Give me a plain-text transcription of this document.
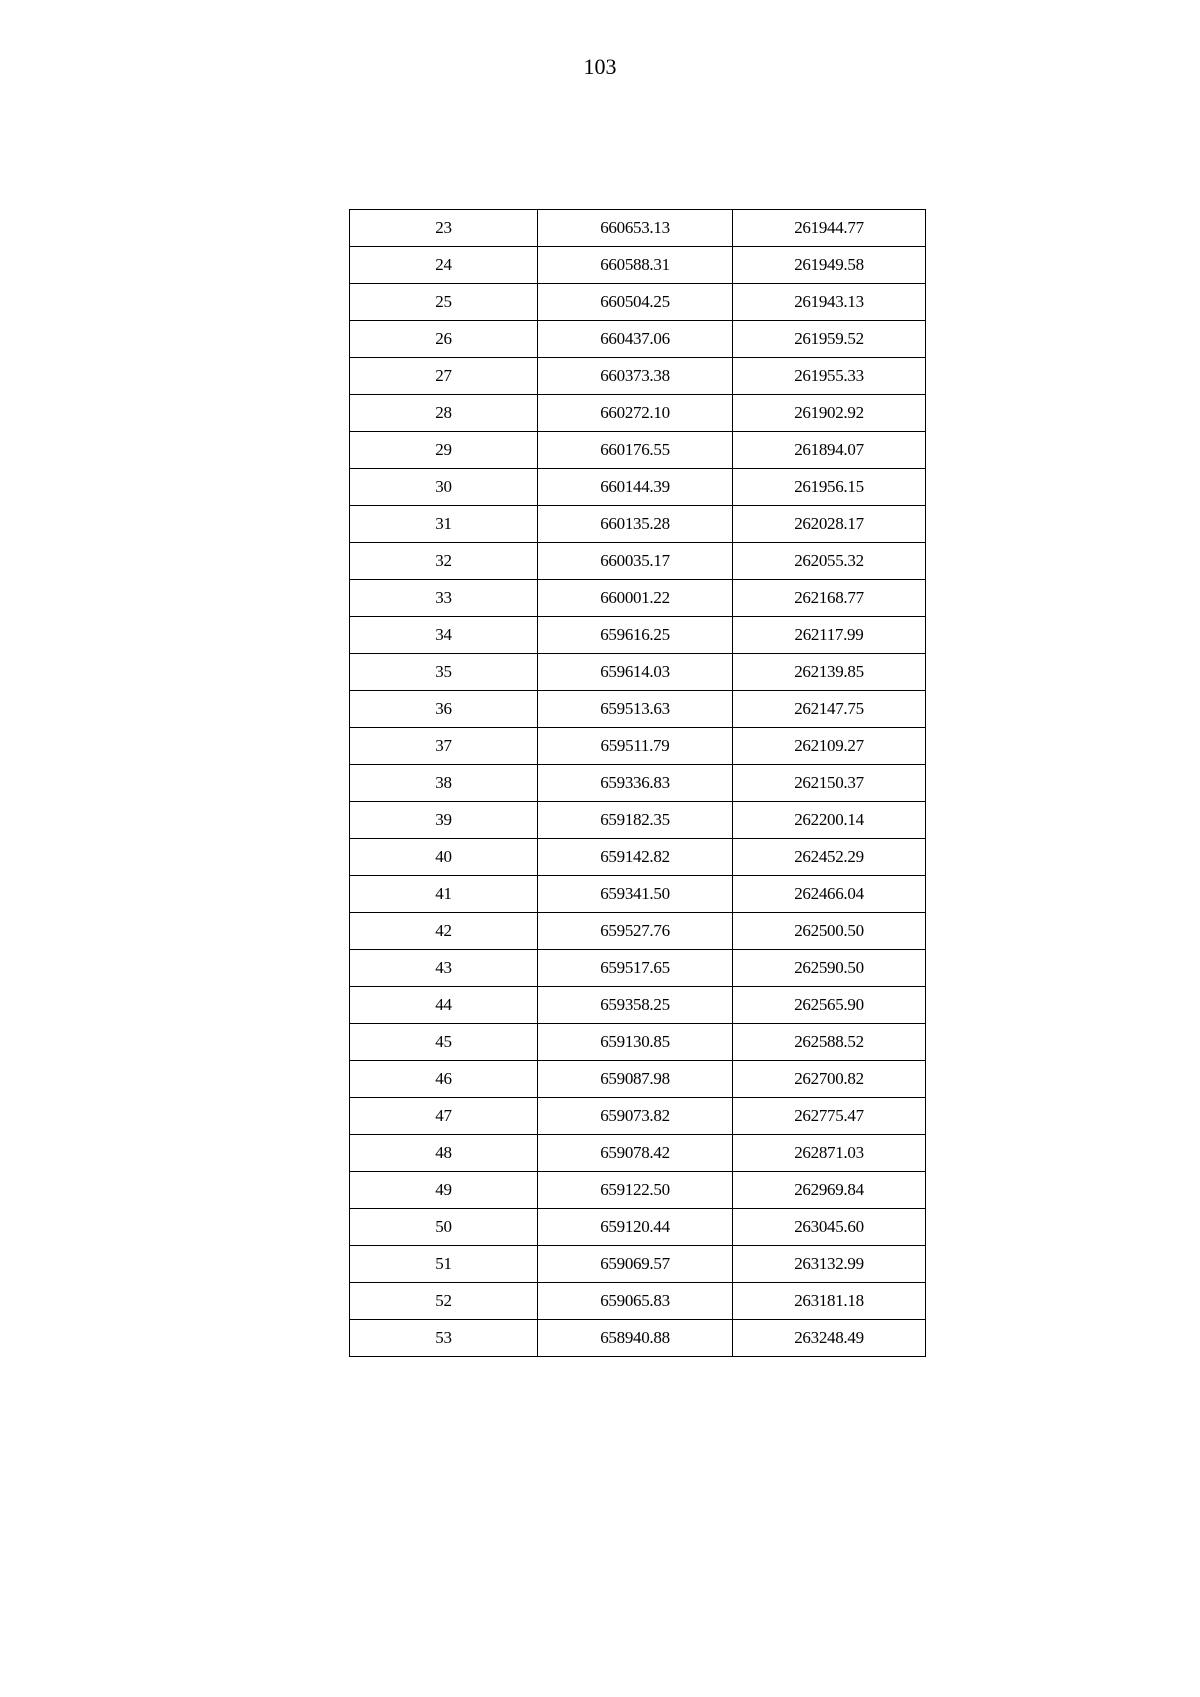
103
23	660653.13	261944.77
24	660588.31	261949.58
25	660504.25	261943.13
26	660437.06	261959.52
27	660373.38	261955.33
28	660272.10	261902.92
29	660176.55	261894.07
30	660144.39	261956.15
31	660135.28	262028.17
32	660035.17	262055.32
33	660001.22	262168.77
34	659616.25	262117.99
35	659614.03	262139.85
36	659513.63	262147.75
37	659511.79	262109.27
38	659336.83	262150.37
39	659182.35	262200.14
40	659142.82	262452.29
41	659341.50	262466.04
42	659527.76	262500.50
43	659517.65	262590.50
44	659358.25	262565.90
45	659130.85	262588.52
46	659087.98	262700.82
47	659073.82	262775.47
48	659078.42	262871.03
49	659122.50	262969.84
50	659120.44	263045.60
51	659069.57	263132.99
52	659065.83	263181.18
53	658940.88	263248.49
